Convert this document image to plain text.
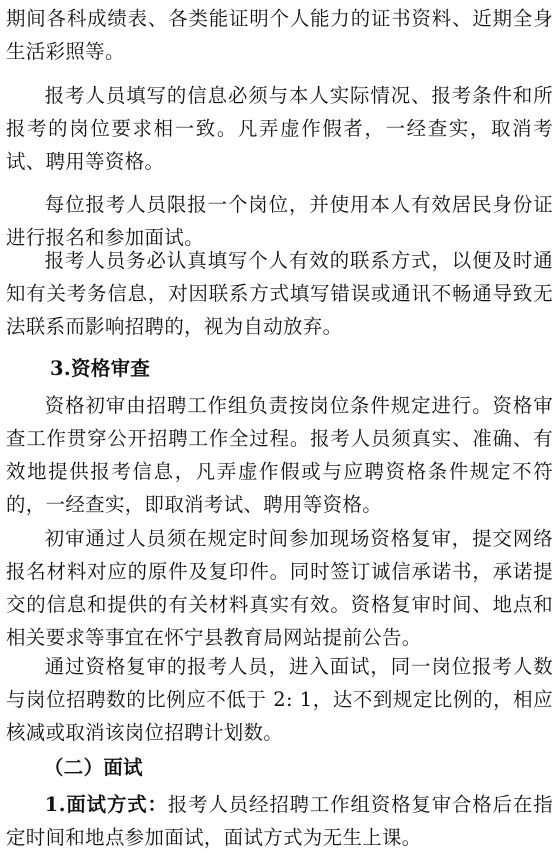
期间各科成绩表、各类能证明个人能力的证书资料、近期全身生活彩照等。

报考人员填写的信息必须与本人实际情况、报考条件和所报考的岗位要求相一致。凡弄虚作假者，一经查实，取消考试、聘用等资格。

每位报考人员限报一个岗位，并使用本人有效居民身份证进行报名和参加面试。

报考人员务必认真填写个人有效的联系方式，以便及时通知有关考务信息，对因联系方式填写错误或通讯不畅通导致无法联系而影响招聘的，视为自动放弃。

3.资格审查

资格初审由招聘工作组负责按岗位条件规定进行。资格审查工作贯穿公开招聘工作全过程。报考人员须真实、准确、有效地提供报考信息，凡弄虚作假或与应聘资格条件规定不符的，一经查实，即取消考试、聘用等资格。

初审通过人员须在规定时间参加现场资格复审，提交网络报名材料对应的原件及复印件。同时签订诚信承诺书，承诺提交的信息和提供的有关材料真实有效。资格复审时间、地点和相关要求等事宜在怀宁县教育局网站提前公告。

通过资格复审的报考人员，进入面试，同一岗位报考人数与岗位招聘数的比例应不低于 2: 1，达不到规定比例的，相应核减或取消该岗位招聘计划数。

（二）面试

1.面试方式：报考人员经招聘工作组资格复审合格后在指定时间和地点参加面试，面试方式为无生上课。
